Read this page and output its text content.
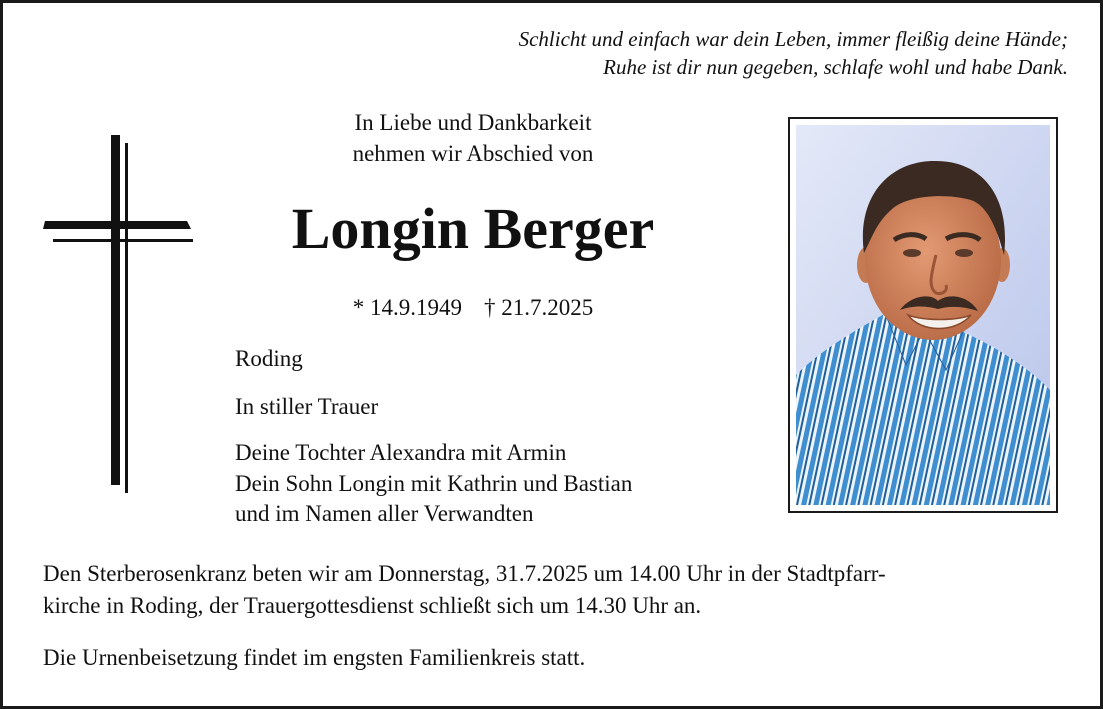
Schlicht und einfach war dein Leben, immer fleißig deine Hände;
Ruhe ist dir nun gegeben, schlafe wohl und habe Dank.
In Liebe und Dankbarkeit
nehmen wir Abschied von
Longin Berger
* 14.9.1949 † 21.7.2025
Roding
In stiller Trauer
Deine Tochter Alexandra mit Armin
Dein Sohn Longin mit Kathrin und Bastian
und im Namen aller Verwandten
Den Sterberosenkranz beten wir am Donnerstag, 31.7.2025 um 14.00 Uhr in der Stadtpfarr-
kirche in Roding, der Trauergottesdienst schließt sich um 14.30 Uhr an.
Die Urnenbeisetzung findet im engsten Familienkreis statt.
